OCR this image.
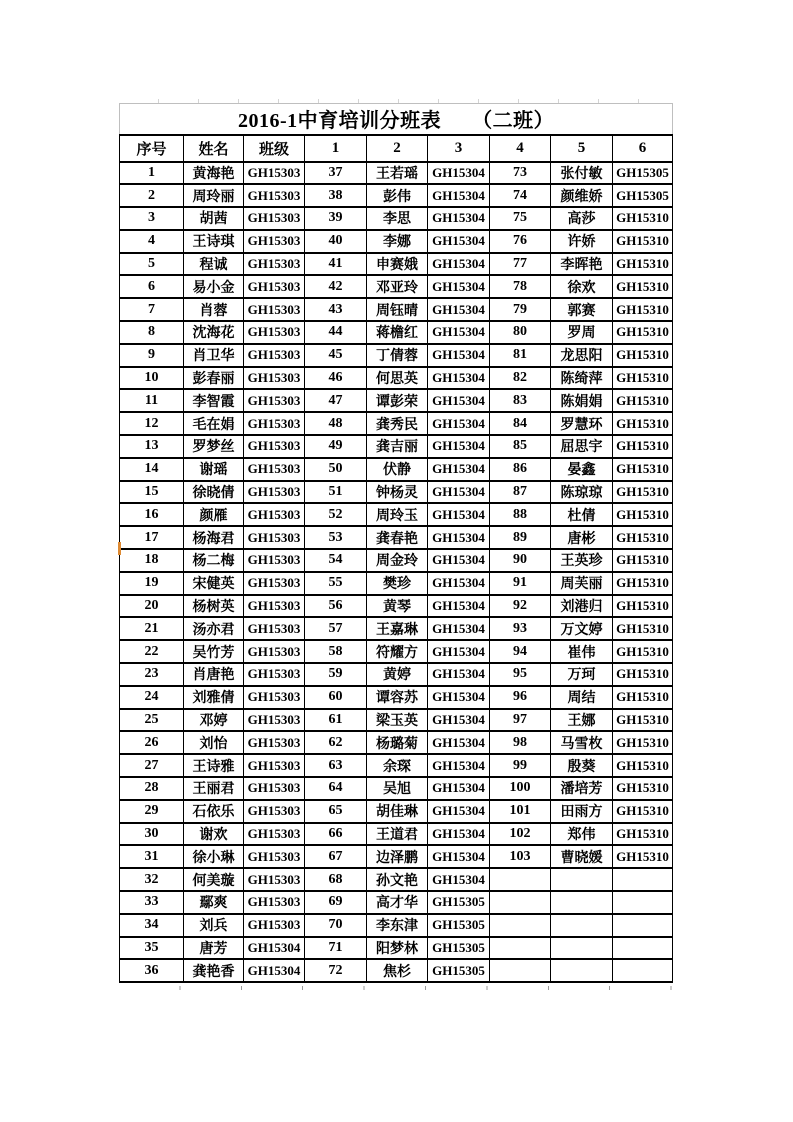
2016-1中育培训分班表　　（二班）								
序号	姓名	班级	1	2	3	4	5	6
1	黄海艳	GH15303	37	王若瑶	GH15304	73	张付敏	GH15305
2	周玲丽	GH15303	38	彭伟	GH15304	74	颜维娇	GH15305
3	胡茜	GH15303	39	李思	GH15304	75	高莎	GH15310
4	王诗琪	GH15303	40	李娜	GH15304	76	许娇	GH15310
5	程诚	GH15303	41	申赛娥	GH15304	77	李晖艳	GH15310
6	易小金	GH15303	42	邓亚玲	GH15304	78	徐欢	GH15310
7	肖蓉	GH15303	43	周钰晴	GH15304	79	郭赛	GH15310
8	沈海花	GH15303	44	蒋檐红	GH15304	80	罗周	GH15310
9	肖卫华	GH15303	45	丁倩蓉	GH15304	81	龙思阳	GH15310
10	彭春丽	GH15303	46	何思英	GH15304	82	陈绮萍	GH15310
11	李智霞	GH15303	47	谭彭荣	GH15304	83	陈娟娟	GH15310
12	毛在娟	GH15303	48	龚秀民	GH15304	84	罗慧环	GH15310
13	罗梦丝	GH15303	49	龚吉丽	GH15304	85	屈思宇	GH15310
14	谢瑶	GH15303	50	伏静	GH15304	86	晏鑫	GH15310
15	徐晓倩	GH15303	51	钟杨灵	GH15304	87	陈琼琼	GH15310
16	颜雁	GH15303	52	周玲玉	GH15304	88	杜倩	GH15310
17	杨海君	GH15303	53	龚春艳	GH15304	89	唐彬	GH15310
18	杨二梅	GH15303	54	周金玲	GH15304	90	王英珍	GH15310
19	宋健英	GH15303	55	樊珍	GH15304	91	周芙丽	GH15310
20	杨树英	GH15303	56	黄琴	GH15304	92	刘港归	GH15310
21	汤亦君	GH15303	57	王嘉琳	GH15304	93	万文婷	GH15310
22	吴竹芳	GH15303	58	符耀方	GH15304	94	崔伟	GH15310
23	肖唐艳	GH15303	59	黄婷	GH15304	95	万珂	GH15310
24	刘雅倩	GH15303	60	谭容苏	GH15304	96	周结	GH15310
25	邓婷	GH15303	61	梁玉英	GH15304	97	王娜	GH15310
26	刘怡	GH15303	62	杨璐菊	GH15304	98	马雪枚	GH15310
27	王诗雅	GH15303	63	余琛	GH15304	99	殷葵	GH15310
28	王丽君	GH15303	64	吴旭	GH15304	100	潘培芳	GH15310
29	石依乐	GH15303	65	胡佳琳	GH15304	101	田雨方	GH15310
30	谢欢	GH15303	66	王道君	GH15304	102	郑伟	GH15310
31	徐小琳	GH15303	67	边泽鹏	GH15304	103	曹晓媛	GH15310
32	何美璇	GH15303	68	孙文艳	GH15304			
33	鄢爽	GH15303	69	高才华	GH15305			
34	刘兵	GH15303	70	李东津	GH15305			
35	唐芳	GH15304	71	阳梦林	GH15305			
36	龚艳香	GH15304	72	焦杉	GH15305			
